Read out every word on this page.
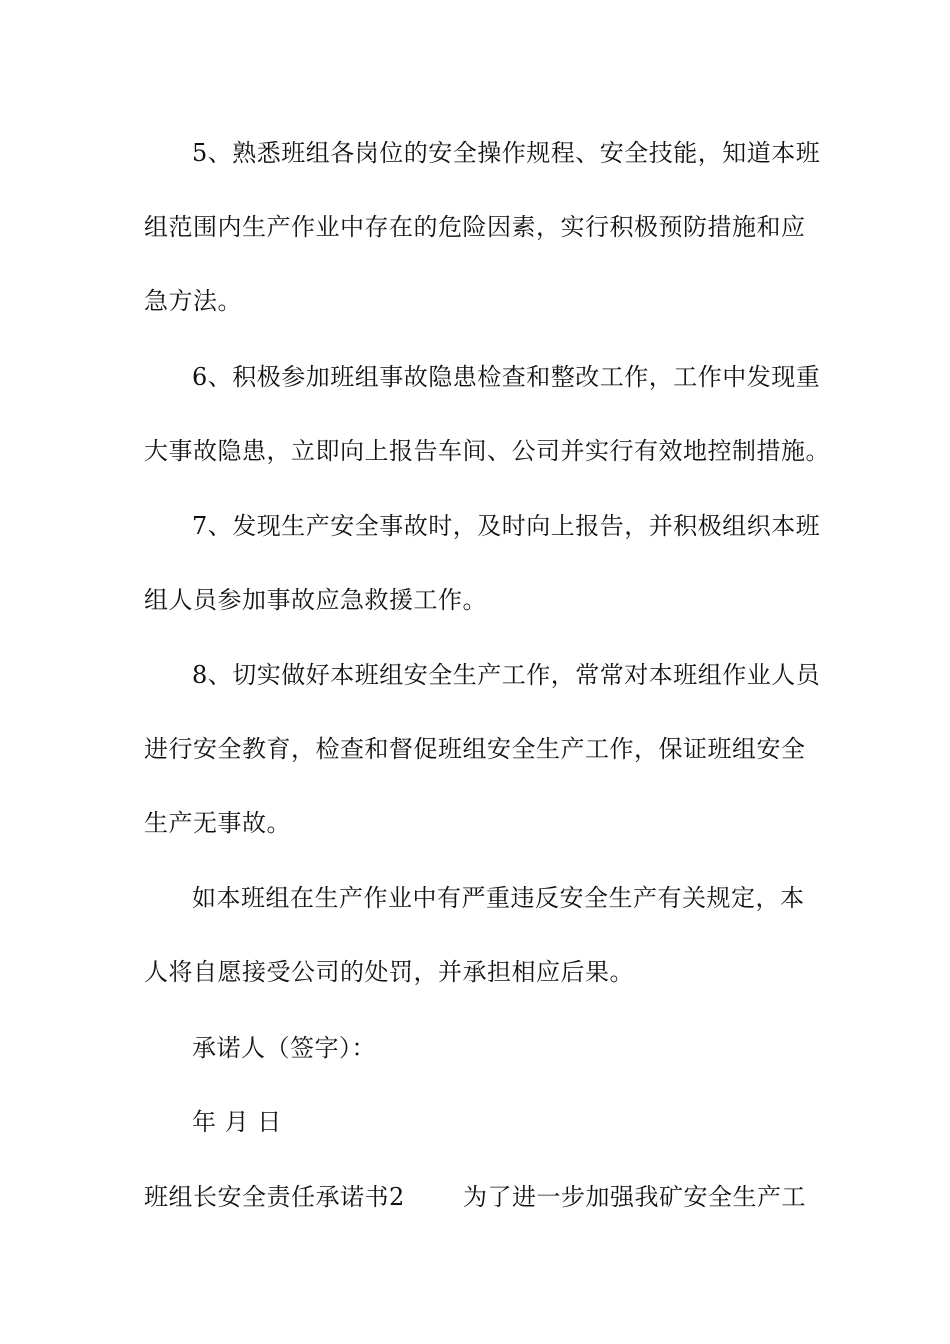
5、熟悉班组各岗位的安全操作规程、安全技能，知道本班
组范围内生产作业中存在的危险因素，实行积极预防措施和应
急方法。
6、积极参加班组事故隐患检查和整改工作，工作中发现重
大事故隐患，立即向上报告车间、公司并实行有效地控制措施。
7、发现生产安全事故时，及时向上报告，并积极组织本班
组人员参加事故应急救援工作。
8、切实做好本班组安全生产工作，常常对本班组作业人员
进行安全教育，检查和督促班组安全生产工作，保证班组安全
生产无事故。
如本班组在生产作业中有严重违反安全生产有关规定，本
人将自愿接受公司的处罚，并承担相应后果。
承诺人（签字）：
年 月 日
班组长安全责任承诺书2 为了进一步加强我矿安全生产工
